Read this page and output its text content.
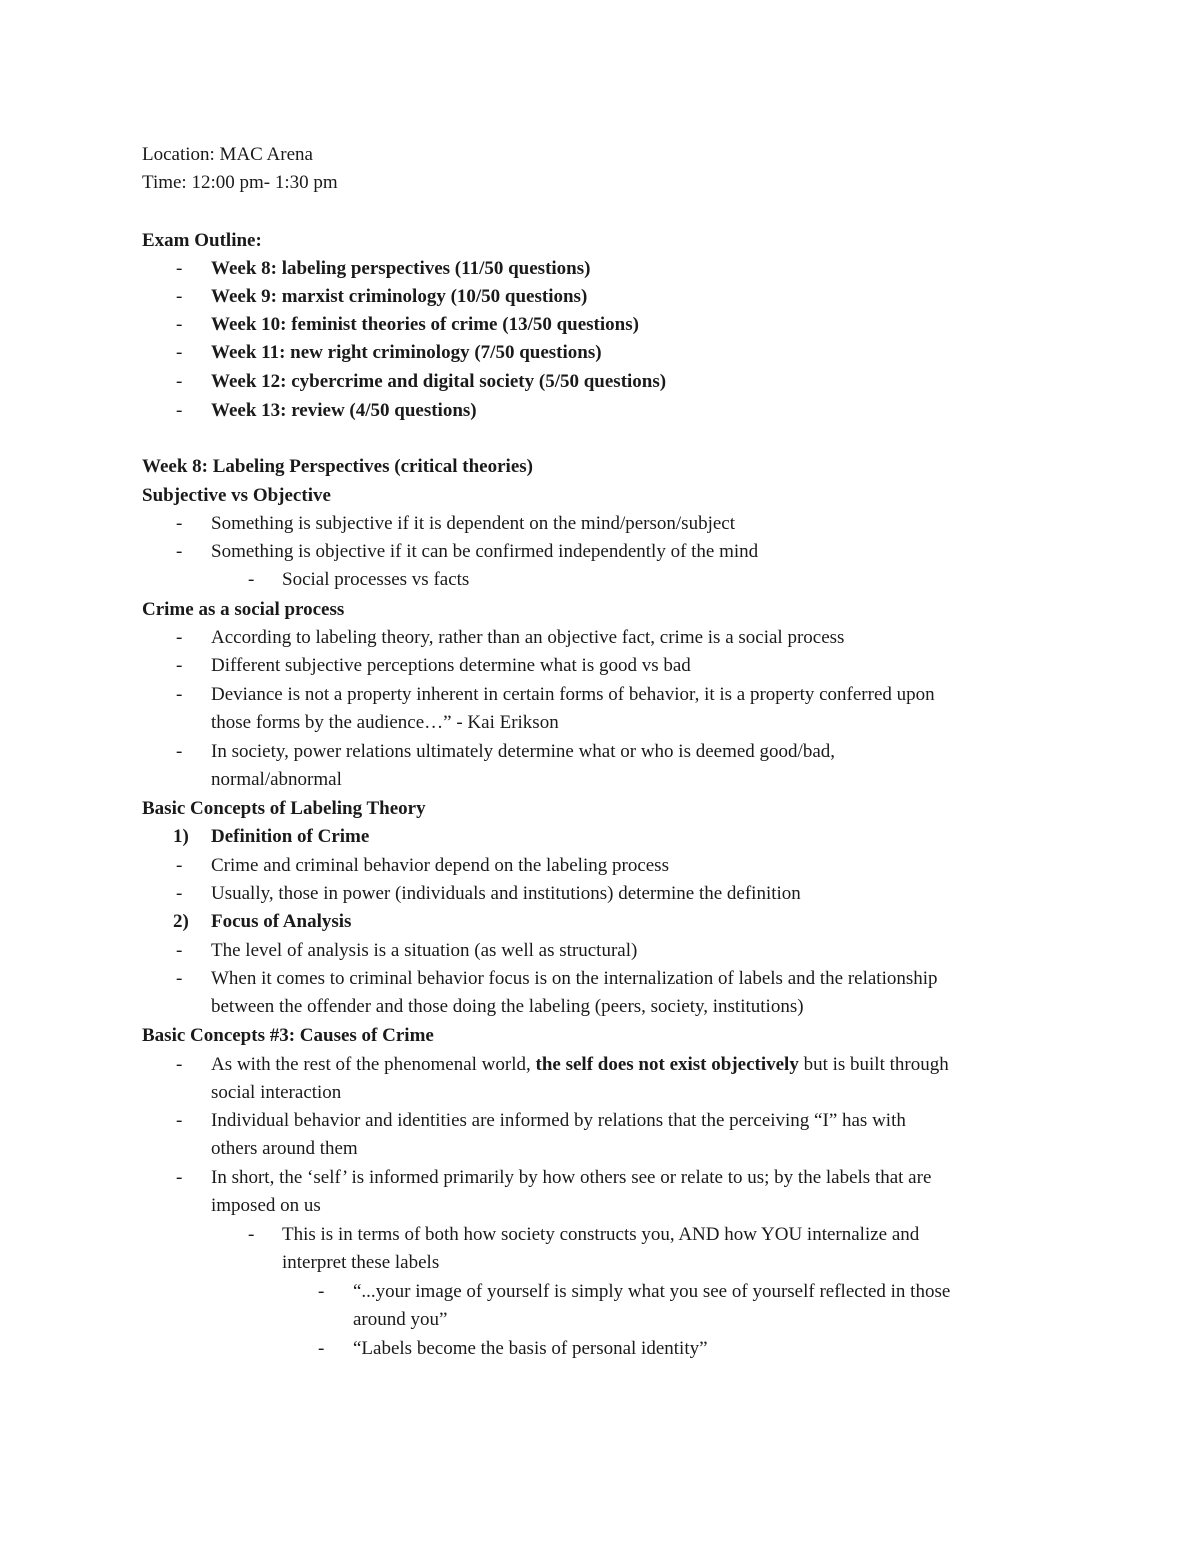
Location: MAC Arena
Time: 12:00 pm- 1:30 pm
Exam Outline:
- Week 8: labeling perspectives (11/50 questions)
- Week 9: marxist criminology (10/50 questions)
- Week 10: feminist theories of crime (13/50 questions)
- Week 11: new right criminology (7/50 questions)
- Week 12: cybercrime and digital society (5/50 questions)
- Week 13: review (4/50 questions)
Week 8: Labeling Perspectives (critical theories)
Subjective vs Objective
- Something is subjective if it is dependent on the mind/person/subject
- Something is objective if it can be confirmed independently of the mind
- Social processes vs facts
Crime as a social process
- According to labeling theory, rather than an objective fact, crime is a social process
- Different subjective perceptions determine what is good vs bad
- Deviance is not a property inherent in certain forms of behavior, it is a property conferred upon
those forms by the audience…” - Kai Erikson
- In society, power relations ultimately determine what or who is deemed good/bad,
normal/abnormal
Basic Concepts of Labeling Theory
1) Definition of Crime
- Crime and criminal behavior depend on the labeling process
- Usually, those in power (individuals and institutions) determine the definition
2) Focus of Analysis
- The level of analysis is a situation (as well as structural)
- When it comes to criminal behavior focus is on the internalization of labels and the relationship
between the offender and those doing the labeling (peers, society, institutions)
Basic Concepts #3: Causes of Crime
- As with the rest of the phenomenal world, the self does not exist objectively but is built through
social interaction
- Individual behavior and identities are informed by relations that the perceiving “I” has with
others around them
- In short, the ‘self’ is informed primarily by how others see or relate to us; by the labels that are
imposed on us
- This is in terms of both how society constructs you, AND how YOU internalize and
interpret these labels
- “...your image of yourself is simply what you see of yourself reflected in those
around you”
- “Labels become the basis of personal identity”
